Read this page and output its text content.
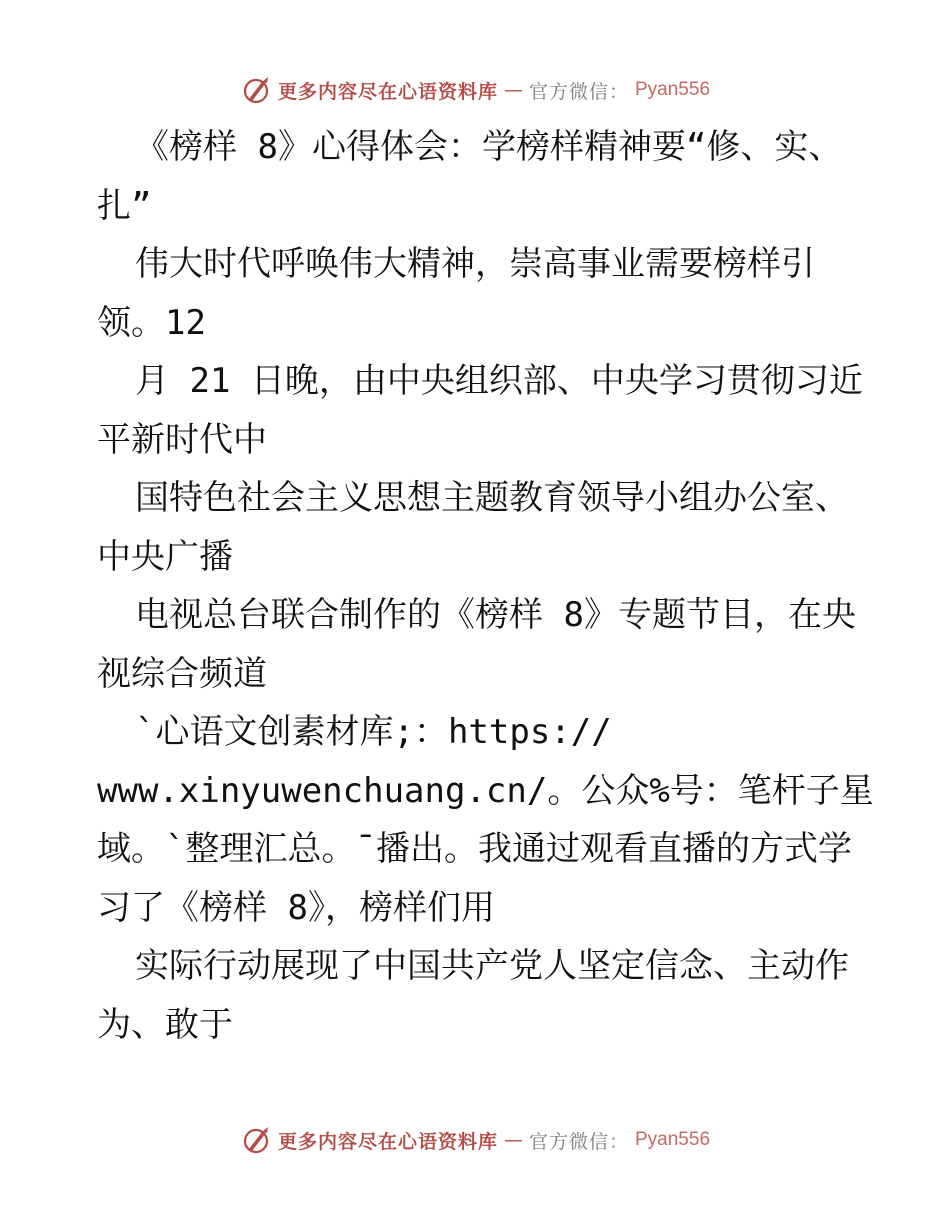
更多内容尽在心语资料库 — 官方微信： Pyan556

《榜样 8》心得体会：学榜样精神要“修、实、

扎”

伟大时代呼唤伟大精神，崇高事业需要榜样引

领。12

月 21 日晚，由中央组织部、中央学习贯彻习近

平新时代中

国特色社会主义思想主题教育领导小组办公室、

中央广播

电视总台联合制作的《榜样 8》专题节目，在央

视综合频道

`心语文创素材库;：https://

www.xinyuwenchuang.cn/。公众%号：笔杆子星

域。`整理汇总。¯播出。我通过观看直播的方式学

习了《榜样 8》，榜样们用

实际行动展现了中国共产党人坚定信念、主动作

为、敢于

更多内容尽在心语资料库 — 官方微信： Pyan556
